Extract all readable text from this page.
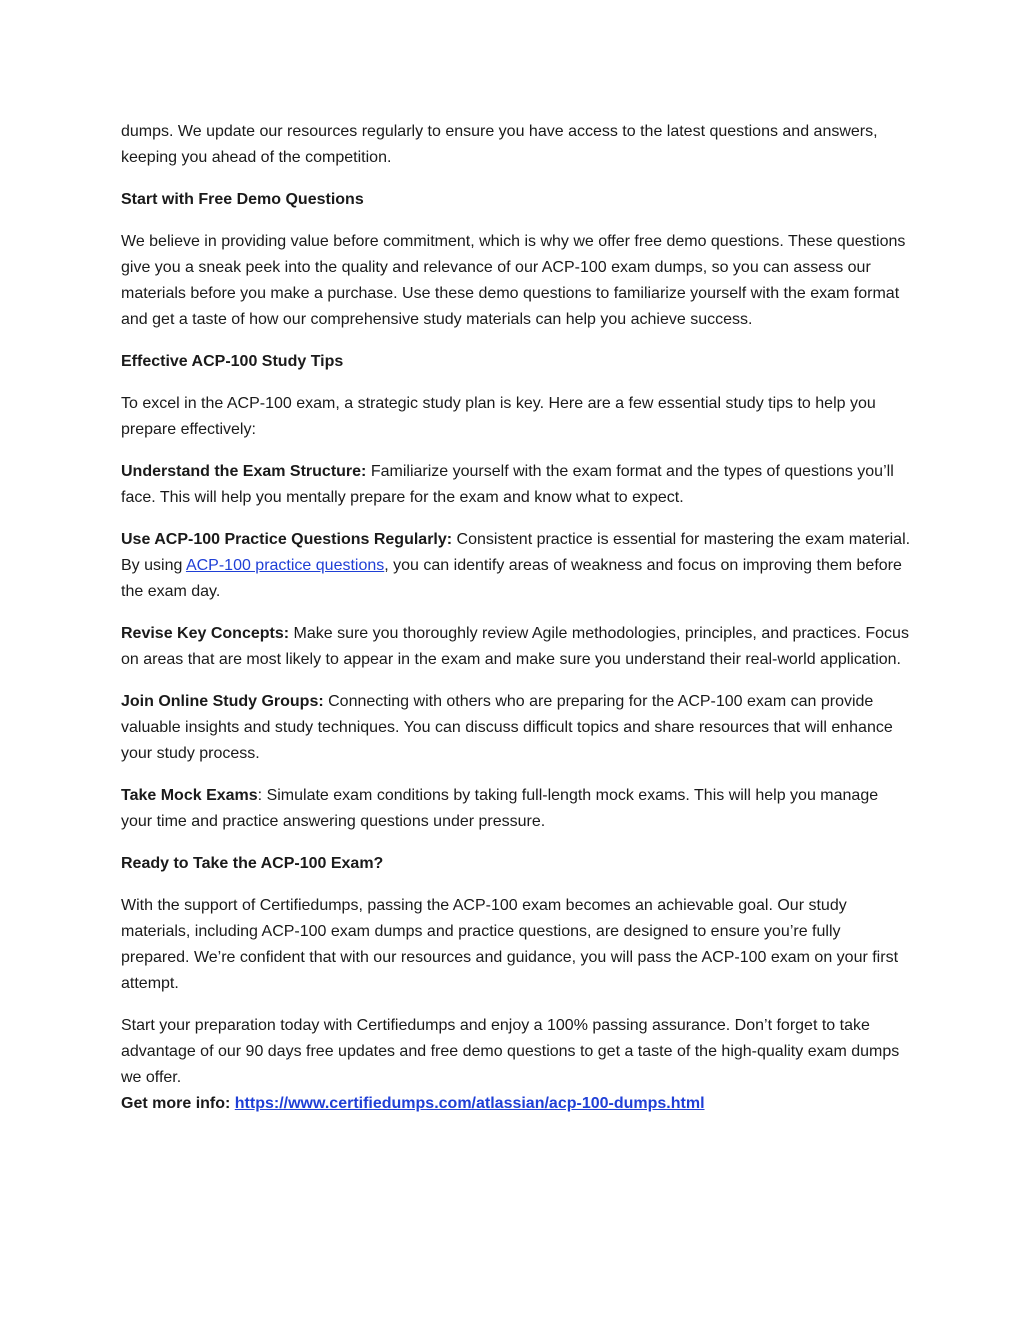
dumps. We update our resources regularly to ensure you have access to the latest questions and answers, keeping you ahead of the competition.

Start with Free Demo Questions

We believe in providing value before commitment, which is why we offer free demo questions. These questions give you a sneak peek into the quality and relevance of our ACP-100 exam dumps, so you can assess our materials before you make a purchase. Use these demo questions to familiarize yourself with the exam format and get a taste of how our comprehensive study materials can help you achieve success.

Effective ACP-100 Study Tips

To excel in the ACP-100 exam, a strategic study plan is key. Here are a few essential study tips to help you prepare effectively:

Understand the Exam Structure: Familiarize yourself with the exam format and the types of questions you’ll face. This will help you mentally prepare for the exam and know what to expect.

Use ACP-100 Practice Questions Regularly: Consistent practice is essential for mastering the exam material. By using ACP-100 practice questions, you can identify areas of weakness and focus on improving them before the exam day.

Revise Key Concepts: Make sure you thoroughly review Agile methodologies, principles, and practices. Focus on areas that are most likely to appear in the exam and make sure you understand their real-world application.

Join Online Study Groups: Connecting with others who are preparing for the ACP-100 exam can provide valuable insights and study techniques. You can discuss difficult topics and share resources that will enhance your study process.

Take Mock Exams: Simulate exam conditions by taking full-length mock exams. This will help you manage your time and practice answering questions under pressure.

Ready to Take the ACP-100 Exam?

With the support of Certifiedumps, passing the ACP-100 exam becomes an achievable goal. Our study materials, including ACP-100 exam dumps and practice questions, are designed to ensure you’re fully prepared. We’re confident that with our resources and guidance, you will pass the ACP-100 exam on your first attempt.

Start your preparation today with Certifiedumps and enjoy a 100% passing assurance. Don’t forget to take advantage of our 90 days free updates and free demo questions to get a taste of the high-quality exam dumps we offer.

Get more info: https://www.certifiedumps.com/atlassian/acp-100-dumps.html
